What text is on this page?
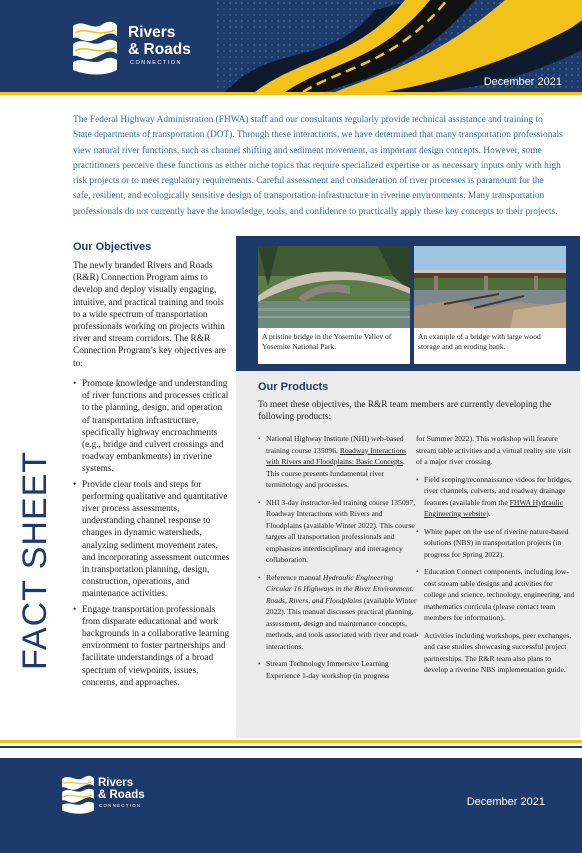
Rivers
& Roads
CONNECTION
December 2021

The Federal Highway Administration (FHWA) staff and our consultants regularly provide technical assistance and training to State departments of transportation (DOT). Through these interactions, we have determined that many transportation professionals view natural river functions, such as channel shifting and sediment movement, as important design concepts. However, some practitioners perceive these functions as either niche topics that require specialized expertise or as necessary inputs only with high risk projects or to meet regulatory requirements. Careful assessment and consideration of river processes is paramount for the safe, resilient, and ecologically sensitive design of transportation infrastructure in riverine environments. Many transportation professionals do not currently have the knowledge, tools, and confidence to practically apply these key concepts to their projects.

FACT SHEET
Our Objectives

The newly branded Rivers and Roads (R&R) Connection Program aims to develop and deploy visually engaging, intuitive, and practical training and tools to a wide spectrum of transportation professionals working on projects within river and stream corridors. The R&R Connection Program’s key objectives are to:

• Promote knowledge and understanding of river functions and processes critical to the planning, design, and operation of transportation infrastructure, specifically highway encroachments (e.g., bridge and culvert crossings and roadway embankments) in riverine systems.
• Provide clear tools and steps for performing qualitative and quantitative river process assessments, understanding channel response to changes in dynamic watersheds, analyzing sediment movement rates, and incorporating assessment outcomes in transportation planning, design, construction, operations, and maintenance activities.
• Engage transportation professionals from disparate educational and work backgrounds in a collaborative learning environment to foster partnerships and facilitate understandings of a broad spectrum of viewpoints, issues, concerns, and approaches.

A pristine bridge in the Yosemite Valley of Yosemite National Park.

An example of a bridge with large wood storage and an eroding bank.

All photos source: FHWA.
Our Products

To meet these objectives, the R&R team members are currently developing the following products:

• National Highway Institute (NHI) web-based training course 135096, Roadway Interactions with Rivers and Floodplains: Basic Concepts. This course presents fundamental river terminology and processes.
• NHI 3-day instructor-led training course 135097, Roadway Interactions with Rivers and Floodplains (available Winter 2022). This course targets all transportation professionals and emphasizes interdisciplinary and interagency collaboration.
• Reference manual Hydraulic Engineering Circular 16 Highways in the River Environment: Roads, Rivers, and Floodplains (available Winter 2022). This manual discusses practical planning, assessment, design and maintenance concepts, methods, and tools associated with river and road interactions.
• Stream Technology Immersive Learning Experience 1-day workshop (in progress
for Summer 2022). This workshop will feature stream table activities and a virtual reality site visit of a major river crossing.
• Field scoping/reconnaissance videos for bridges, river channels, culverts, and roadway drainage features (available from the FHWA Hydraulic Engineering website).
• White paper on the use of riverine nature-based solutions (NBS) in transportation projects (in progress for Spring 2022).
• Education Connect components, including low-cost stream table designs and activities for college and science, technology, engineering, and mathematics curricula (please contact team members for information).
• Activities including workshops, peer exchanges, and case studies showcasing successful project partnerships. The R&R team also plans to develop a riverine NBS implementation guide.
Rivers
& Roads
CONNECTION	December 2021
